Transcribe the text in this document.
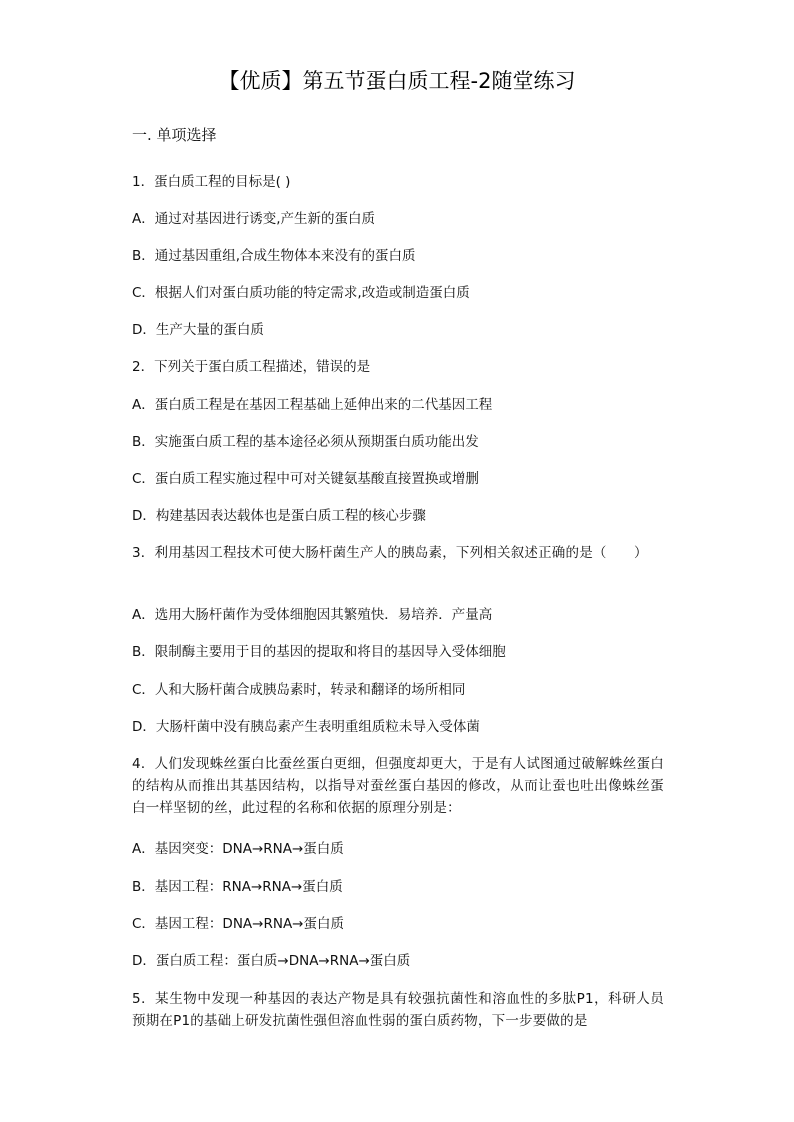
【优质】第五节蛋白质工程-2随堂练习
一. 单项选择
1．蛋白质工程的目标是( )
A．通过对基因进行诱变,产生新的蛋白质
B．通过基因重组,合成生物体本来没有的蛋白质
C．根据人们对蛋白质功能的特定需求,改造或制造蛋白质
D．生产大量的蛋白质
2．下列关于蛋白质工程描述，错误的是
A．蛋白质工程是在基因工程基础上延伸出来的二代基因工程
B．实施蛋白质工程的基本途径必须从预期蛋白质功能出发
C．蛋白质工程实施过程中可对关键氨基酸直接置换或增删
D．构建基因表达载体也是蛋白质工程的核心步骤
3．利用基因工程技术可使大肠杆菌生产人的胰岛素，下列相关叙述正确的是（　　）
A．选用大肠杆菌作为受体细胞因其繁殖快．易培养．产量高
B．限制酶主要用于目的基因的提取和将目的基因导入受体细胞
C．人和大肠杆菌合成胰岛素时，转录和翻译的场所相同
D．大肠杆菌中没有胰岛素产生表明重组质粒未导入受体菌
4．人们发现蛛丝蛋白比蚕丝蛋白更细，但强度却更大，于是有人试图通过破解蛛丝蛋白的结构从而推出其基因结构，以指导对蚕丝蛋白基因的修改，从而让蚕也吐出像蛛丝蛋白一样坚韧的丝，此过程的名称和依据的原理分别是：
A．基因突变：DNA→RNA→蛋白质
B．基因工程：RNA→RNA→蛋白质
C．基因工程：DNA→RNA→蛋白质
D．蛋白质工程：蛋白质→DNA→RNA→蛋白质
5．某生物中发现一种基因的表达产物是具有较强抗菌性和溶血性的多肽P1，科研人员预期在P1的基础上研发抗菌性强但溶血性弱的蛋白质药物，下一步要做的是
